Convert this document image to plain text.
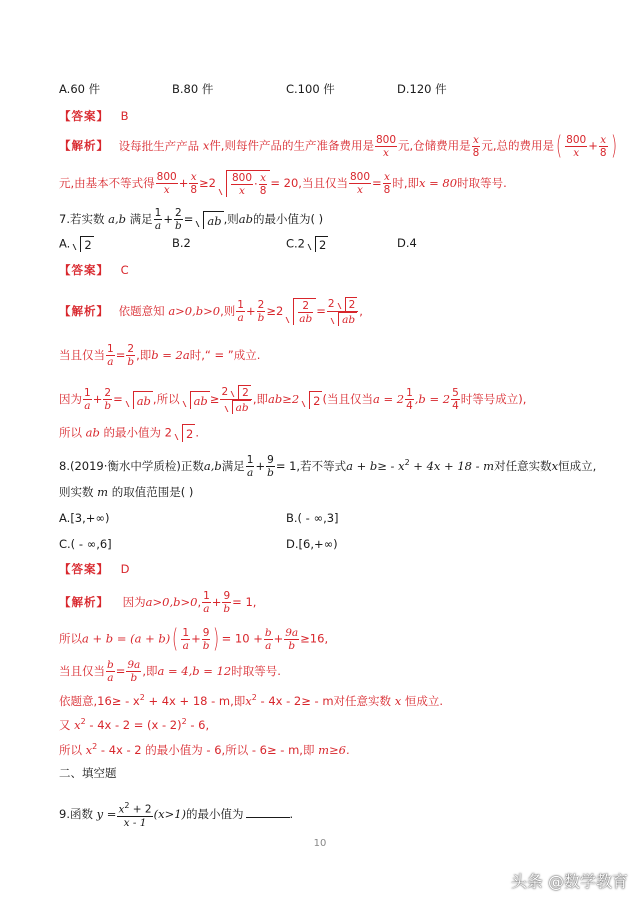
A.60 件	B.80 件	C.100 件	D.120 件
【答案】 B
【解析】 设每批生产产品 x件,则每件产品的生产准备费用是 $\frac{800}{x}$ 元,仓储费用是 $\frac{x}{8}$ 元,总的费用是( $\frac{800}{x} + \frac{x}{8}$ )
元,由基本不等式得 $\frac{800}{x} + \frac{x}{8} \ge 2 \frac{800}{x} \cdot \frac{x}{8} = 20$,当且仅当 $\frac{800}{x} = \frac{x}{8}$ 时,即x = 80时取等号.
7.若实数 a,b 满足 $\frac{1}{a} + \frac{2}{b}$ = ab ,则ab的最小值为( )
A. 2	B.2	C.2 2	D.4
【答案】 C
【解析】 依题意知 a>0,b>0,则 $\frac{1}{a} + \frac{2}{b} \ge 2 \frac{2}{ab} = \frac{2 2}{ab}$ ,
当且仅当 $\frac{1}{a} = \frac{2}{b}$ ,即b = 2a时,“ = ”成立.
因为 $\frac{1}{a} + \frac{2}{b}$ = ab ,所以 ab ≥ $\frac{2 2}{ab}$ ,即ab≥2 2 (当且仅当$a = 2 \frac{1}{4} ,b = 2 \frac{5}{4}$ 时等号成立),
所以 ab 的最小值为 2 2 .
8.(2019·衡水中学质检)正数a,b满足 $\frac{1}{a} + \frac{9}{b} = 1$,若不等式$a + b\ge - x^2 + 4x + 18 - m$对任意实数x恒成立,
则实数 m 的取值范围是( )
A.[3,+∞)	B.( - ∞,3]
C.( - ∞,6]	D.[6,+∞)
【答案】 D
【解析】 因为a>0,b>0, $\frac{1}{a} + \frac{9}{b} = 1$,
所以$a + b = (a + b)( \frac{1}{a} + \frac{9}{b}$ ) = $10 + \frac{b}{a} + \frac{9a}{b} \ge 16$,
当且仅当 $\frac{b}{a} = \frac{9a}{b}$ ,即a = 4,b = 12时取等号.
依题意$,16\ge - x^2 + 4x + 18 - m$,即$x^2 - 4x - 2\ge - m$对任意实数 x 恒成立.
又 $x^2 - 4x - 2 = (x - 2)^2 - 6$,
所以 $x^2 - 4x - 2$ 的最小值为 - 6,所以 - 6≥ - m,即 m≥6.
二、填空题
9.函数 $y = \frac{x^2 + 2}{x - 1} (x>1)$的最小值为	.
10
头条 @数学教育
